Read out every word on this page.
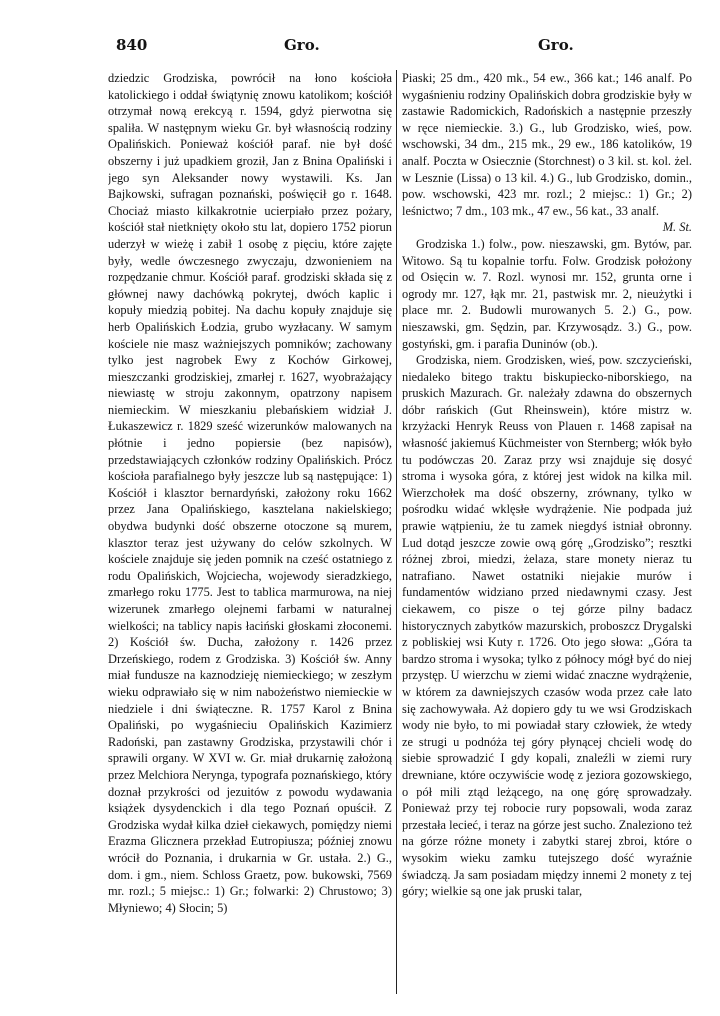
840	Gro.	Gro.

dziedzic Grodziska, powrócił na łono kościoła katolickiego i oddał świątynię znowu katolikom; kościół otrzymał nową erekcyą r. 1594, gdyż pierwotna się spaliła. W następnym wieku Gr. był własnością rodziny Opalińskich. Ponieważ kościół paraf. nie był dość obszerny i już upadkiem groził, Jan z Bnina Opaliński i jego syn Aleksander nowy wystawili. Ks. Jan Bajkowski, sufragan poznański, poświęcił go r. 1648. Chociaż miasto kilkakrotnie ucierpiało przez pożary, kościół stał nietknięty około stu lat, dopiero 1752 piorun uderzył w wieżę i zabił 1 osobę z pięciu, które zajęte były, wedle ówczesnego zwyczaju, dzwonieniem na rozpędzanie chmur. Kościół paraf. grodziski składa się z głównej nawy dachówką pokrytej, dwóch kaplic i kopuły miedzią pobitej. Na dachu kopuły znajduje się herb Opalińskich Łodzia, grubo wyzłacany. W samym kościele nie masz ważniejszych pomników; zachowany tylko jest nagrobek Ewy z Kochów Girkowej, mieszczanki grodziskiej, zmarłej r. 1627, wyobrażający niewiastę w stroju zakonnym, opatrzony napisem niemieckim. W mieszkaniu plebańskiem widział J. Łukaszewicz r. 1829 sześć wizerunków malowanych na płótnie i jedno popiersie (bez napisów), przedstawiających członków rodziny Opalińskich. Prócz kościoła parafialnego były jeszcze lub są następujące: 1) Kościół i klasztor bernardyński, założony roku 1662 przez Jana Opalińskiego, kasztelana nakielskiego; obydwa budynki dość obszerne otoczone są murem, klasztor teraz jest używany do celów szkolnych. W kościele znajduje się jeden pomnik na cześć ostatniego z rodu Opalińskich, Wojciecha, wojewody sieradzkiego, zmarłego roku 1775. Jest to tablica marmurowa, na niej wizerunek zmarłego olejnemi farbami w naturalnej wielkości; na tablicy napis łaciński głoskami złoconemi. 2) Kościół św. Ducha, założony r. 1426 przez Drzeńskiego, rodem z Grodziska. 3) Kościół św. Anny miał fundusze na kaznodzieję niemieckiego; w zeszłym wieku odprawiało się w nim nabożeństwo niemieckie w niedziele i dni świąteczne. R. 1757 Karol z Bnina Opaliński, po wygaśnieciu Opalińskich Kazimierz Radoński, pan zastawny Grodziska, przystawili chór i sprawili organy. W XVI w. Gr. miał drukarnię założoną przez Melchiora Nerynga, typografa poznańskiego, który doznał przykrości od jezuitów z powodu wydawania książek dysydenckich i dla tego Poznań opuścił. Z Grodziska wydał kilka dzieł ciekawych, pomiędzy niemi Erazma Glicznera przekład Eutropiusza; później znowu wrócił do Poznania, i drukarnia w Gr. ustała. 2.) G., dom. i gm., niem. Schloss Graetz, pow. bukowski, 7569 mr. rozl.; 5 miejsc.: 1) Gr.; folwarki: 2) Chrustowo; 3) Młyniewo; 4) Słocin; 5)

Piaski; 25 dm., 420 mk., 54 ew., 366 kat.; 146 analf. Po wygaśnieniu rodziny Opalińskich dobra grodziskie były w zastawie Radomickich, Radońskich a następnie przeszły w ręce niemieckie. 3.) G., lub Grodzisko, wieś, pow. wschowski, 34 dm., 215 mk., 29 ew., 186 katolików, 19 analf. Poczta w Osiecznie (Storchnest) o 3 kil. st. kol. żel. w Lesznie (Lissa) o 13 kil. 4.) G., lub Grodzisko, domin., pow. wschowski, 423 mr. rozl.; 2 miejsc.: 1) Gr.; 2) leśnictwo; 7 dm., 103 mk., 47 ew., 56 kat., 33 analf.

M. St.

Grodziska 1.) folw., pow. nieszawski, gm. Bytów, par. Witowo. Są tu kopalnie torfu. Folw. Grodzisk położony od Osięcin w. 7. Rozl. wynosi mr. 152, grunta orne i ogrody mr. 127, łąk mr. 21, pastwisk mr. 2, nieużytki i place mr. 2. Budowli murowanych 5. 2.) G., pow. nieszawski, gm. Sędzin, par. Krzywosądz. 3.) G., pow. gostyński, gm. i parafia Duninów (ob.).

Grodziska, niem. Grodzisken, wieś, pow. szczycieński, niedaleko bitego traktu biskupiecko-niborskiego, na pruskich Mazurach. Gr. należały zdawna do obszernych dóbr rańskich (Gut Rheinswein), które mistrz w. krzyżacki Henryk Reuss von Plauen r. 1468 zapisał na własność jakiemuś Küchmeister von Sternberg; włók było tu podówczas 20. Zaraz przy wsi znajduje się dosyć stroma i wysoka góra, z której jest widok na kilka mil. Wierzchołek ma dość obszerny, zrównany, tylko w pośrodku widać wklęsłe wydrążenie. Nie podpada już prawie wątpieniu, że tu zamek niegdyś istniał obronny. Lud dotąd jeszcze zowie ową górę „Grodzisko”; resztki różnej zbroi, miedzi, żelaza, stare monety nieraz tu natrafiano. Nawet ostatniki niejakie murów i fundamentów widziano przed niedawnymi czasy. Jest ciekawem, co pisze o tej górze pilny badacz historycznych zabytków mazurskich, proboszcz Drygalski z pobliskiej wsi Kuty r. 1726. Oto jego słowa: „Góra ta bardzo stroma i wysoka; tylko z północy mógł być do niej przystęp. U wierzchu w ziemi widać znaczne wydrążenie, w którem za dawniejszych czasów woda przez całe lato się zachowywała. Aż dopiero gdy tu we wsi Grodziskach wody nie było, to mi powiadał stary człowiek, że wtedy ze strugi u podnóża tej góry płynącej chcieli wodę do siebie sprowadzić I gdy kopali, znaleźli w ziemi rury drewniane, które oczywiście wodę z jeziora gozowskiego, o pół mili ztąd leżącego, na onę górę sprowadzały. Ponieważ przy tej robocie rury popsowali, woda zaraz przestała lecieć, i teraz na górze jest sucho. Znaleziono też na górze różne monety i zabytki starej zbroi, które o wysokim wieku zamku tutejszego dość wyraźnie świadczą. Ja sam posiadam między innemi 2 monety z tej góry; wielkie są one jak pruski talar,
